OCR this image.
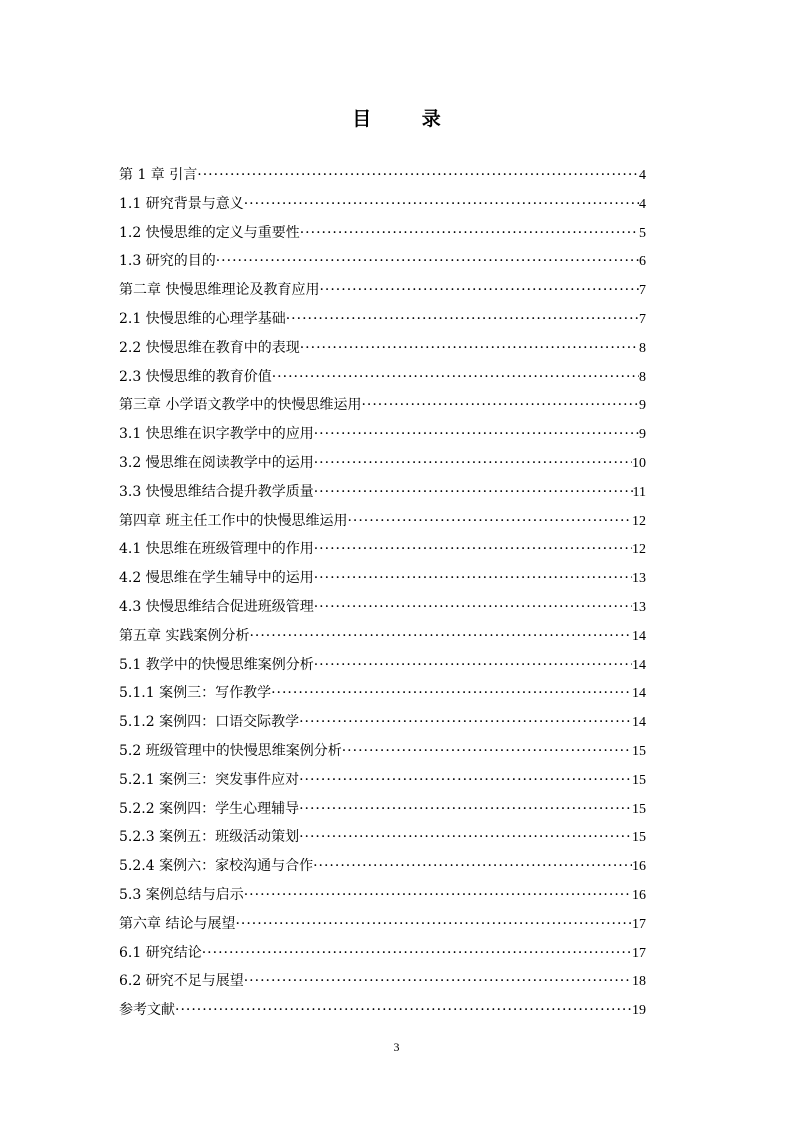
目 录
第 1 章 引言 ·····	4
1.1 研究背景与意义 ·····	4
1.2 快慢思维的定义与重要性 ·····	5
1.3 研究的目的 ·····	6
第二章 快慢思维理论及教育应用 ·····	7
2.1 快慢思维的心理学基础 ·····	7
2.2 快慢思维在教育中的表现 ·····	8
2.3 快慢思维的教育价值 ·····	8
第三章 小学语文教学中的快慢思维运用 ·····	9
3.1 快思维在识字教学中的应用 ·····	9
3.2 慢思维在阅读教学中的运用 ·····	10
3.3 快慢思维结合提升教学质量 ·····	11
第四章 班主任工作中的快慢思维运用 ·····	12
4.1 快思维在班级管理中的作用 ·····	12
4.2 慢思维在学生辅导中的运用 ·····	13
4.3 快慢思维结合促进班级管理 ·····	13
第五章 实践案例分析 ·····	14
5.1 教学中的快慢思维案例分析 ·····	14
5.1.1 案例三：写作教学 ·····	14
5.1.2 案例四：口语交际教学 ·····	14
5.2 班级管理中的快慢思维案例分析 ·····	15
5.2.1 案例三：突发事件应对 ·····	15
5.2.2 案例四：学生心理辅导 ·····	15
5.2.3 案例五：班级活动策划 ·····	15
5.2.4 案例六：家校沟通与合作 ·····	16
5.3 案例总结与启示 ·····	16
第六章 结论与展望 ·····	17
6.1 研究结论 ·····	17
6.2 研究不足与展望 ·····	18
参考文献 ·····	19
3
